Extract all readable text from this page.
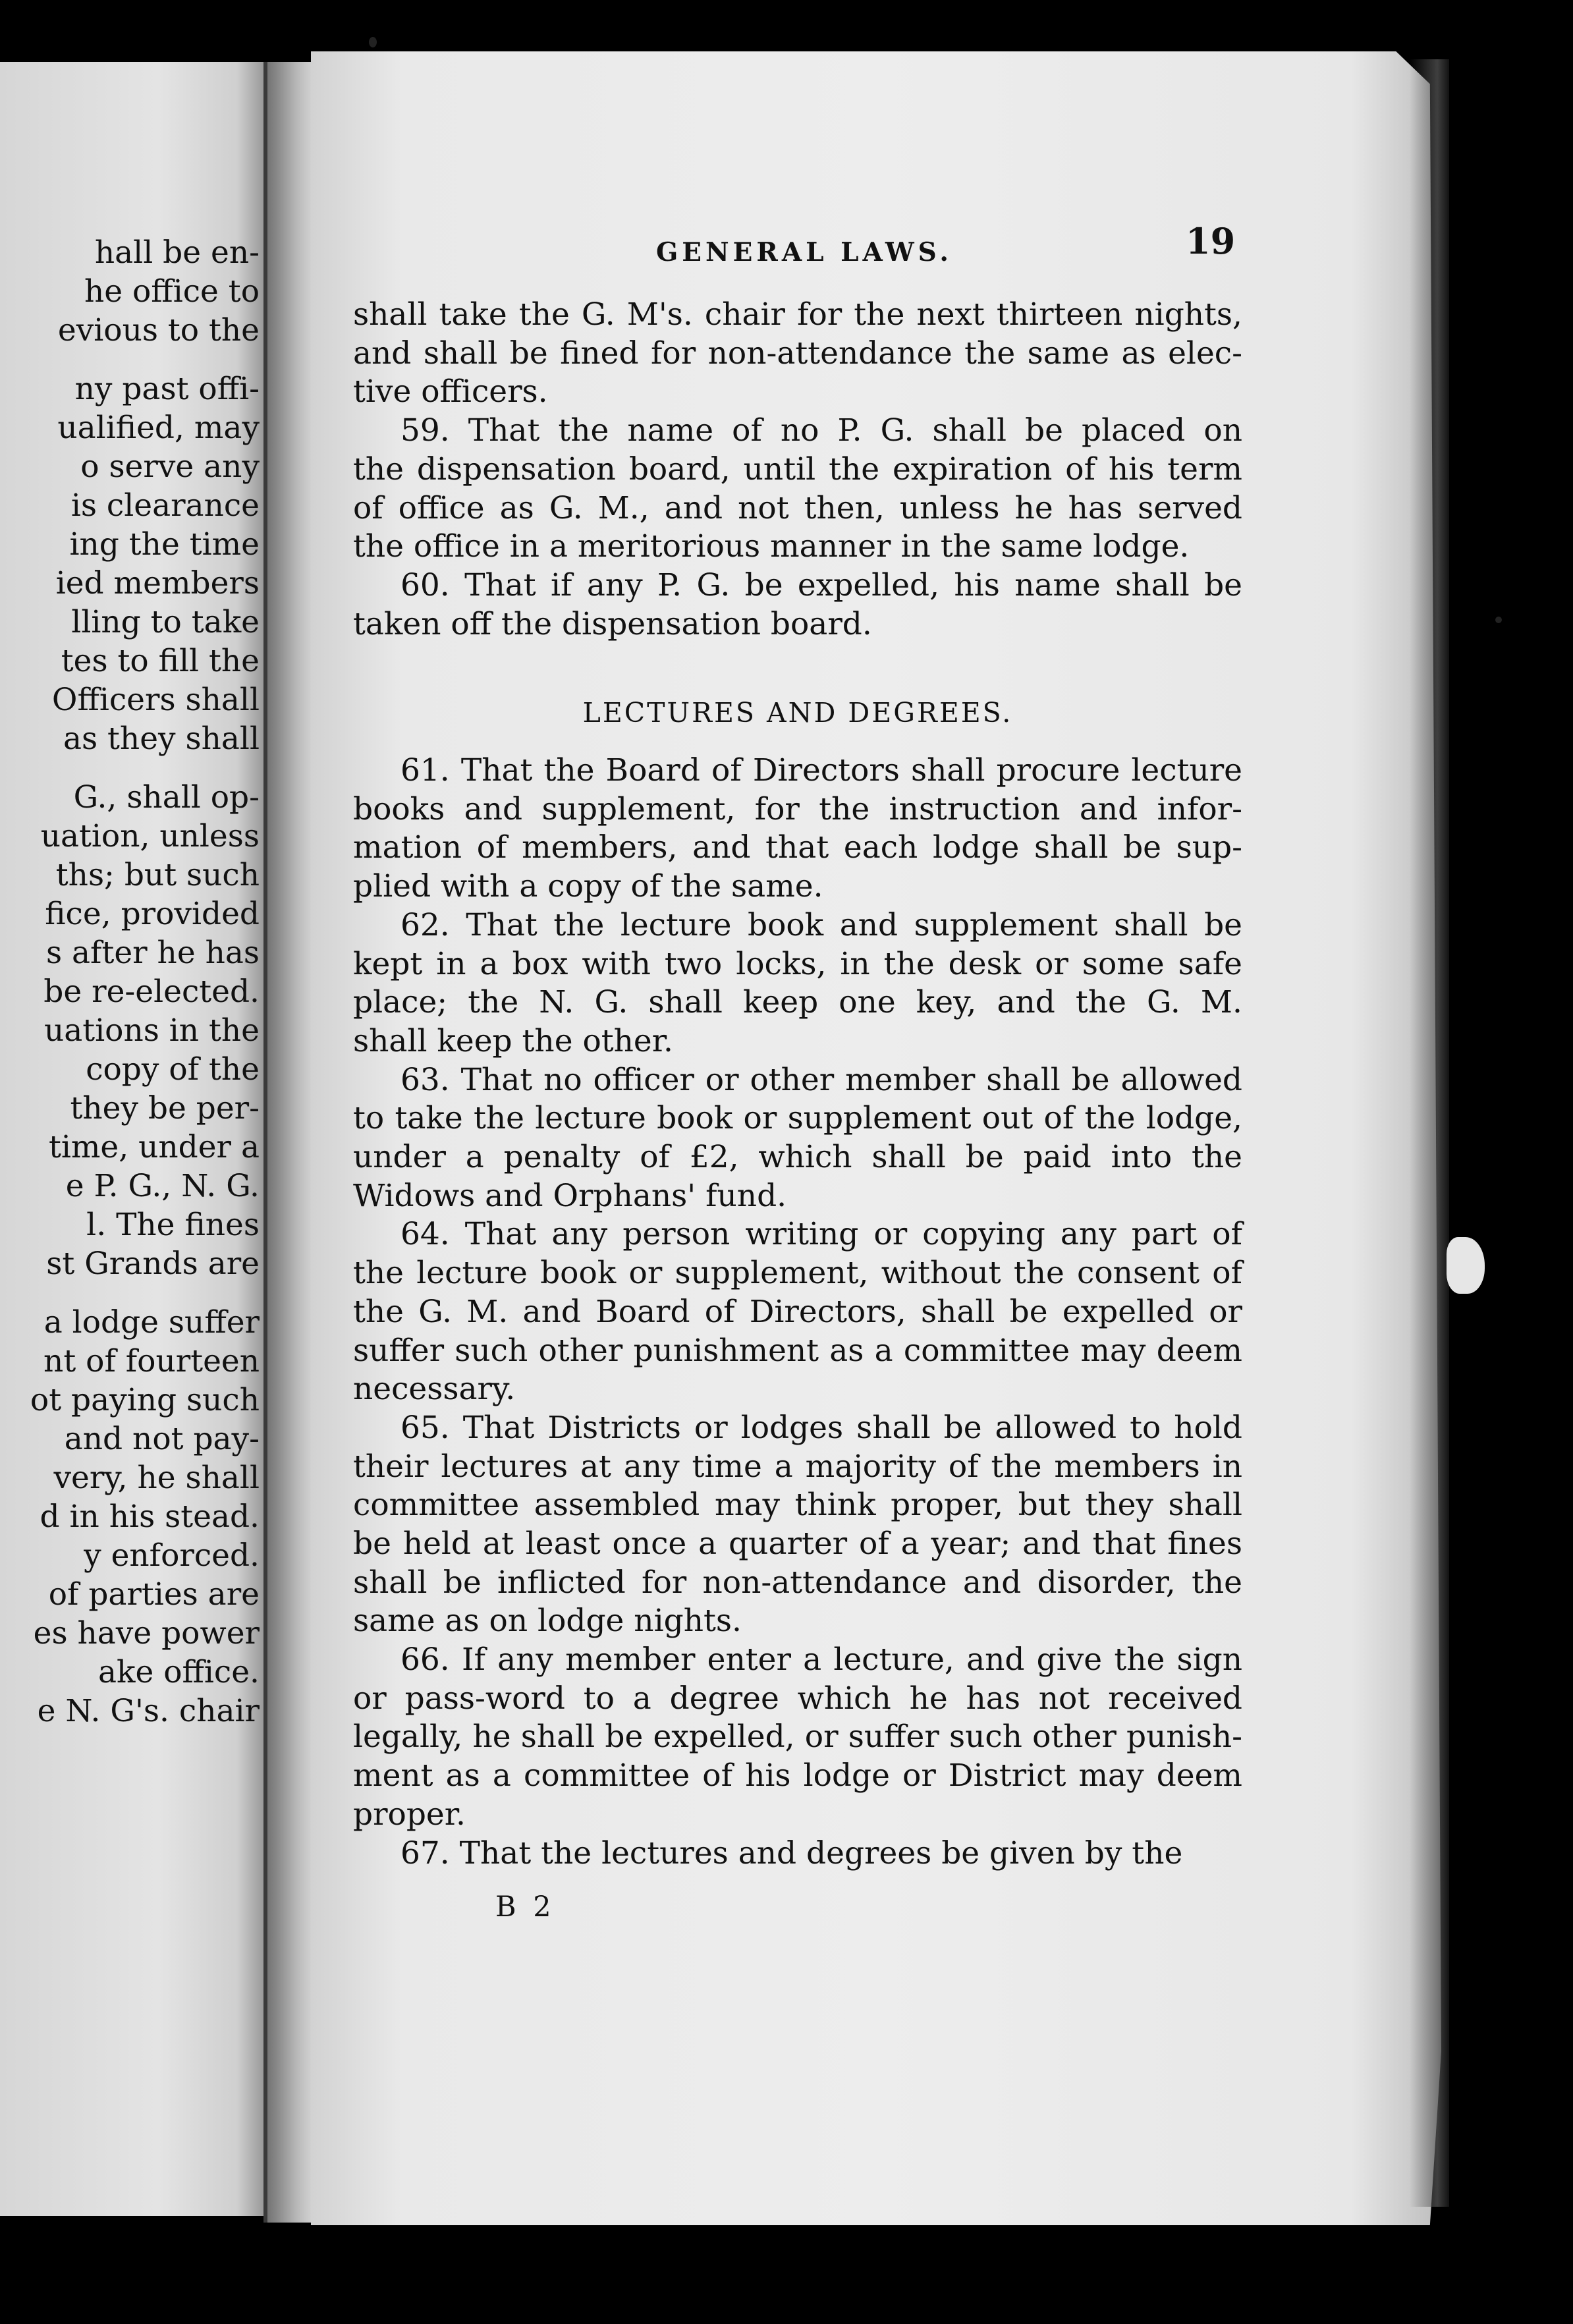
hall be en-
he office to
evious to the
ny past offi-
ualified, may
o serve any
is clearance
ing the time
ied members
lling to take
tes to fill the
Officers shall
as they shall
G., shall op-
uation, unless
ths; but such
fice, provided
s after he has
be re-elected.
uations in the
copy of the
they be per-
time, under a
e P. G., N. G.
l. The fines
st Grands are
a lodge suffer
nt of fourteen
ot paying such
and not pay-
very, he shall
d in his stead.
y enforced.
of parties are
es have power
ake office.
e N. G's. chair
GENERAL LAWS.	19
shall take the G. M's. chair for the next thirteen nights,
and shall be fined for non-attendance the same as elec-
tive officers.
59. That the name of no P. G. shall be placed on
the dispensation board, until the expiration of his term
of office as G. M., and not then, unless he has served
the office in a meritorious manner in the same lodge.
60. That if any P. G. be expelled, his name shall be
taken off the dispensation board.
LECTURES AND DEGREES.
61. That the Board of Directors shall procure lecture
books and supplement, for the instruction and infor-
mation of members, and that each lodge shall be sup-
plied with a copy of the same.
62. That the lecture book and supplement shall be
kept in a box with two locks, in the desk or some safe
place; the N. G. shall keep one key, and the G. M.
shall keep the other.
63. That no officer or other member shall be allowed
to take the lecture book or supplement out of the lodge,
under a penalty of £2, which shall be paid into the
Widows and Orphans' fund.
64. That any person writing or copying any part of
the lecture book or supplement, without the consent of
the G. M. and Board of Directors, shall be expelled or
suffer such other punishment as a committee may deem
necessary.
65. That Districts or lodges shall be allowed to hold
their lectures at any time a majority of the members in
committee assembled may think proper, but they shall
be held at least once a quarter of a year; and that fines
shall be inflicted for non-attendance and disorder, the
same as on lodge nights.
66. If any member enter a lecture, and give the sign
or pass-word to a degree which he has not received
legally, he shall be expelled, or suffer such other punish-
ment as a committee of his lodge or District may deem
proper.
67. That the lectures and degrees be given by the
B 2
